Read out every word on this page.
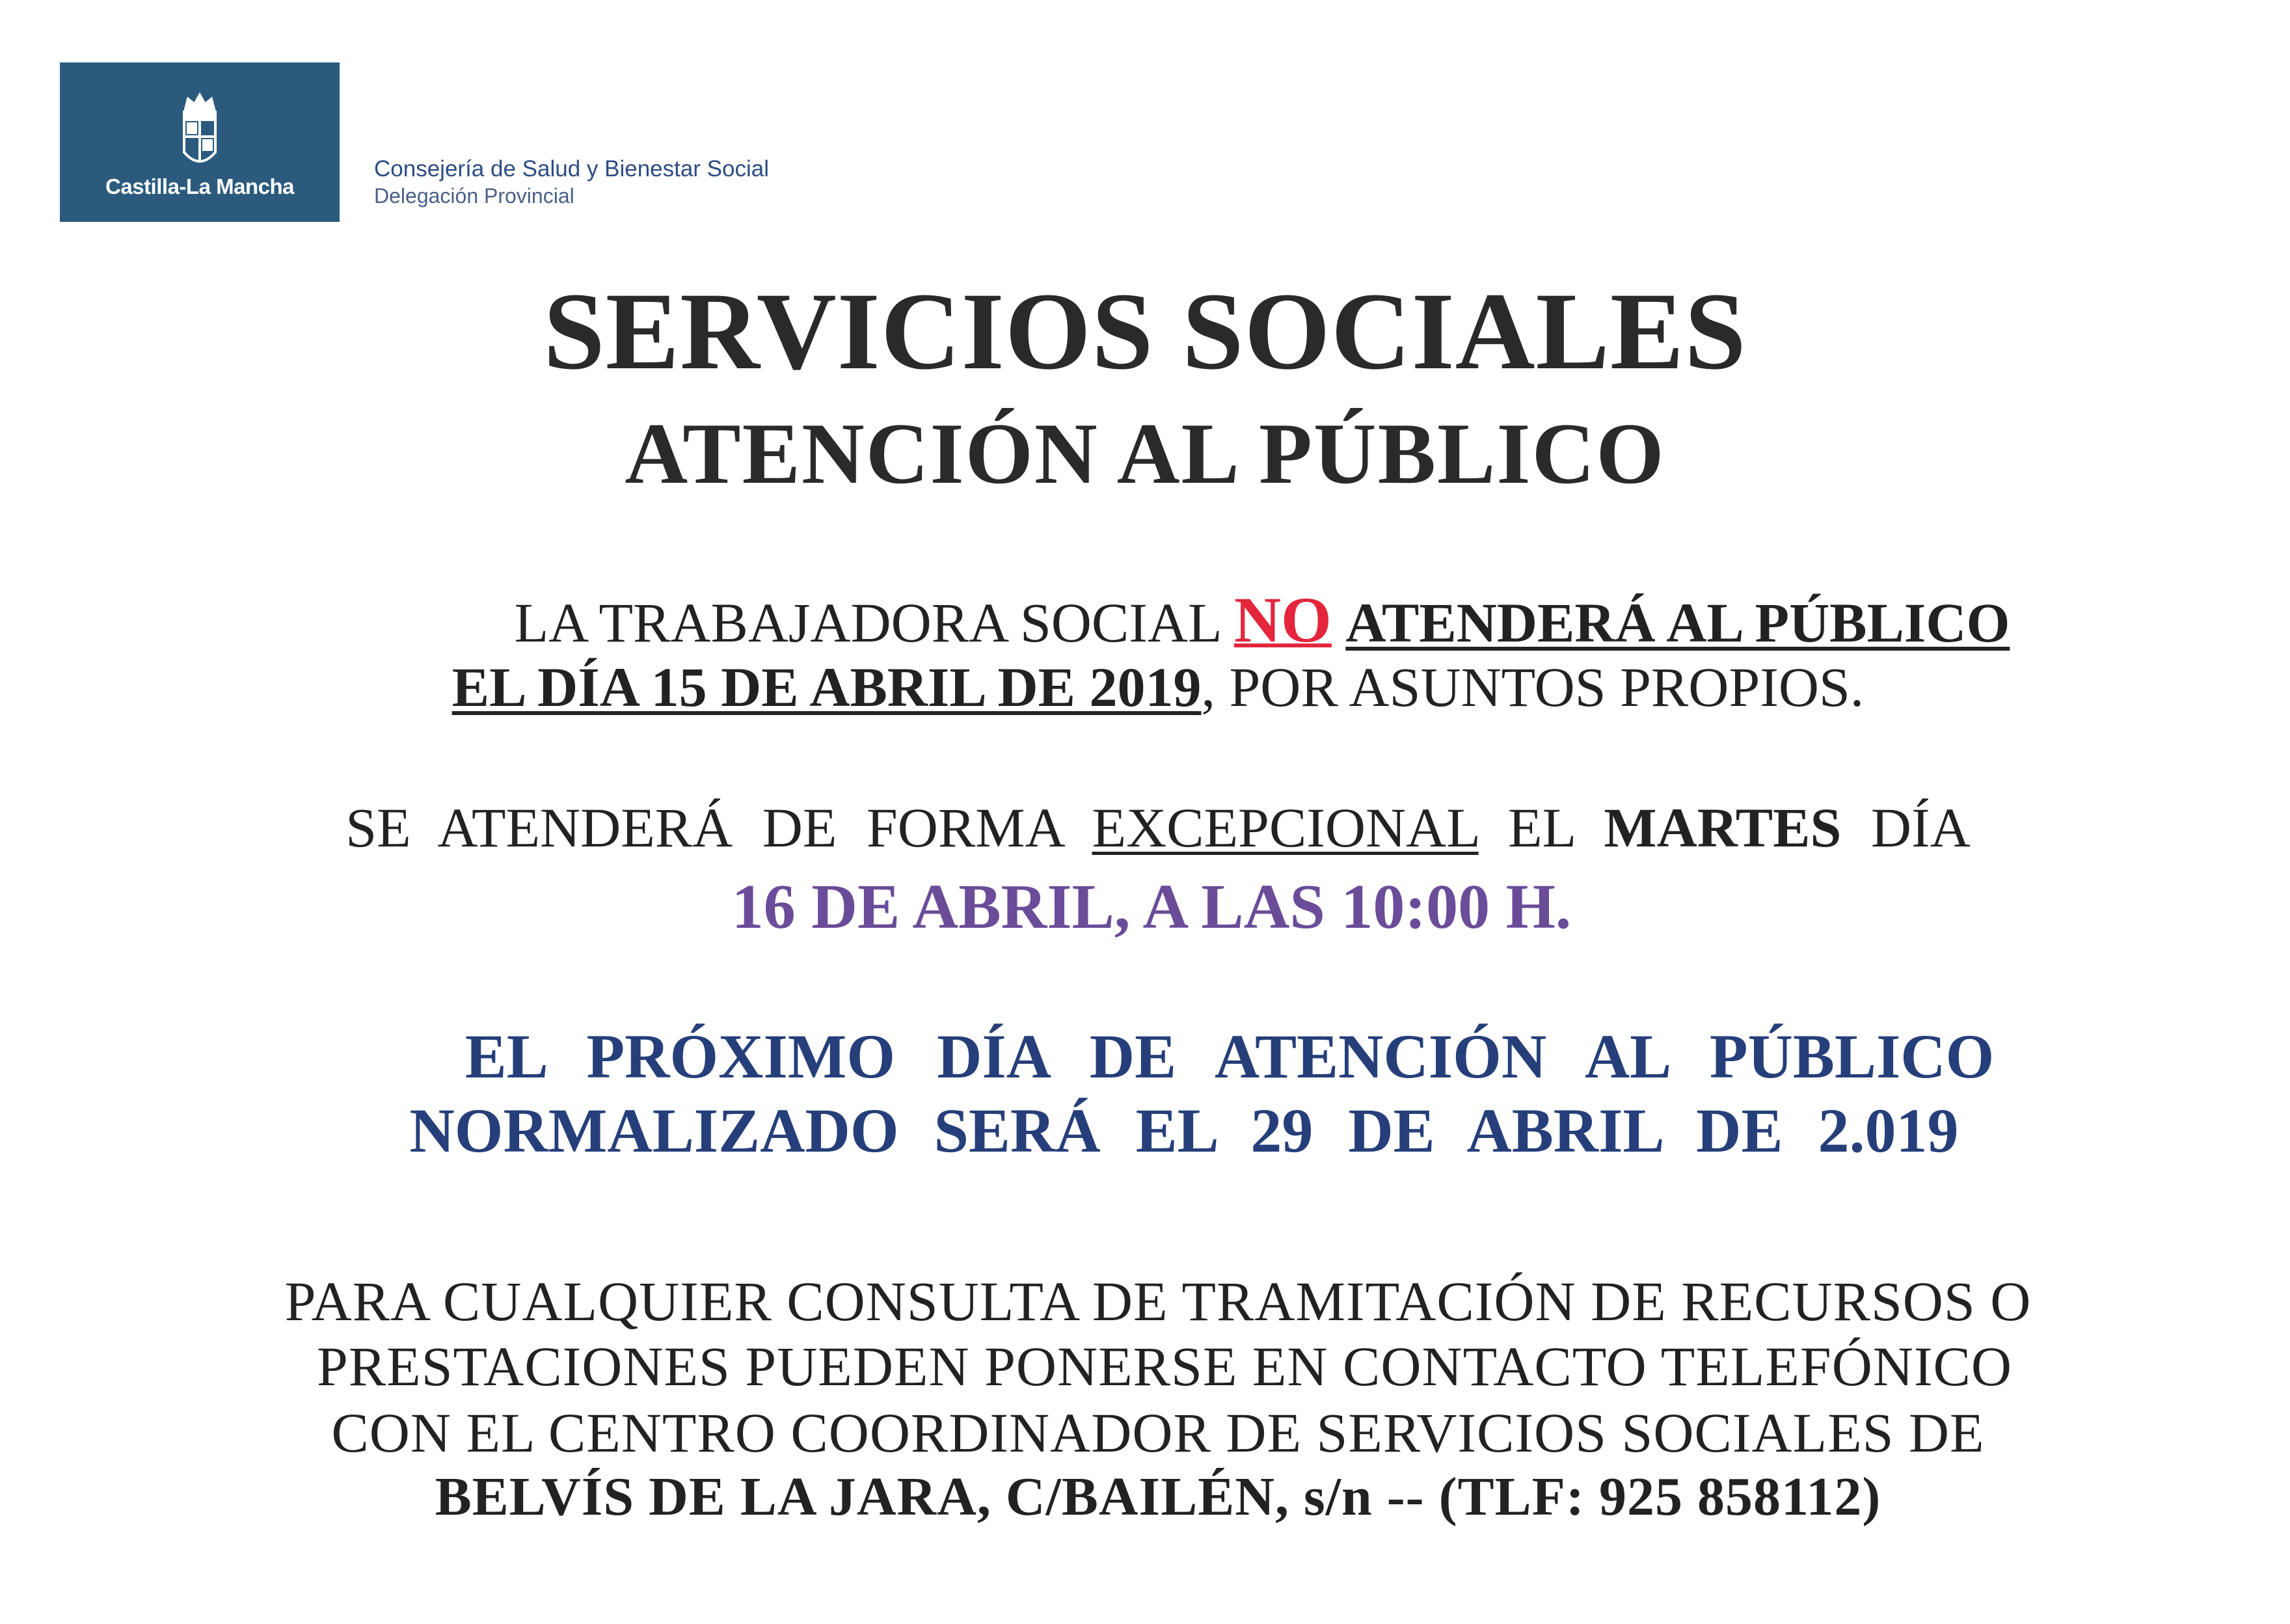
Castilla-La Mancha
Consejería de Salud y Bienestar Social
Delegación Provincial
SERVICIOS SOCIALES
ATENCIÓN AL PÚBLICO
LA TRABAJADORA SOCIAL NO ATENDERÁ AL PÚBLICO
EL DÍA 15 DE ABRIL DE 2019, POR ASUNTOS PROPIOS.
SE ATENDERÁ DE FORMA EXCEPCIONAL EL MARTES DÍA
16 DE ABRIL, A LAS 10:00 H.
EL PRÓXIMO DÍA DE ATENCIÓN AL PÚBLICO
NORMALIZADO SERÁ EL 29 DE ABRIL DE 2.019
PARA CUALQUIER CONSULTA DE TRAMITACIÓN DE RECURSOS O
PRESTACIONES PUEDEN PONERSE EN CONTACTO TELEFÓNICO
CON EL CENTRO COORDINADOR DE SERVICIOS SOCIALES DE
BELVÍS DE LA JARA, C/BAILÉN, s/n -- (TLF: 925 858112)
